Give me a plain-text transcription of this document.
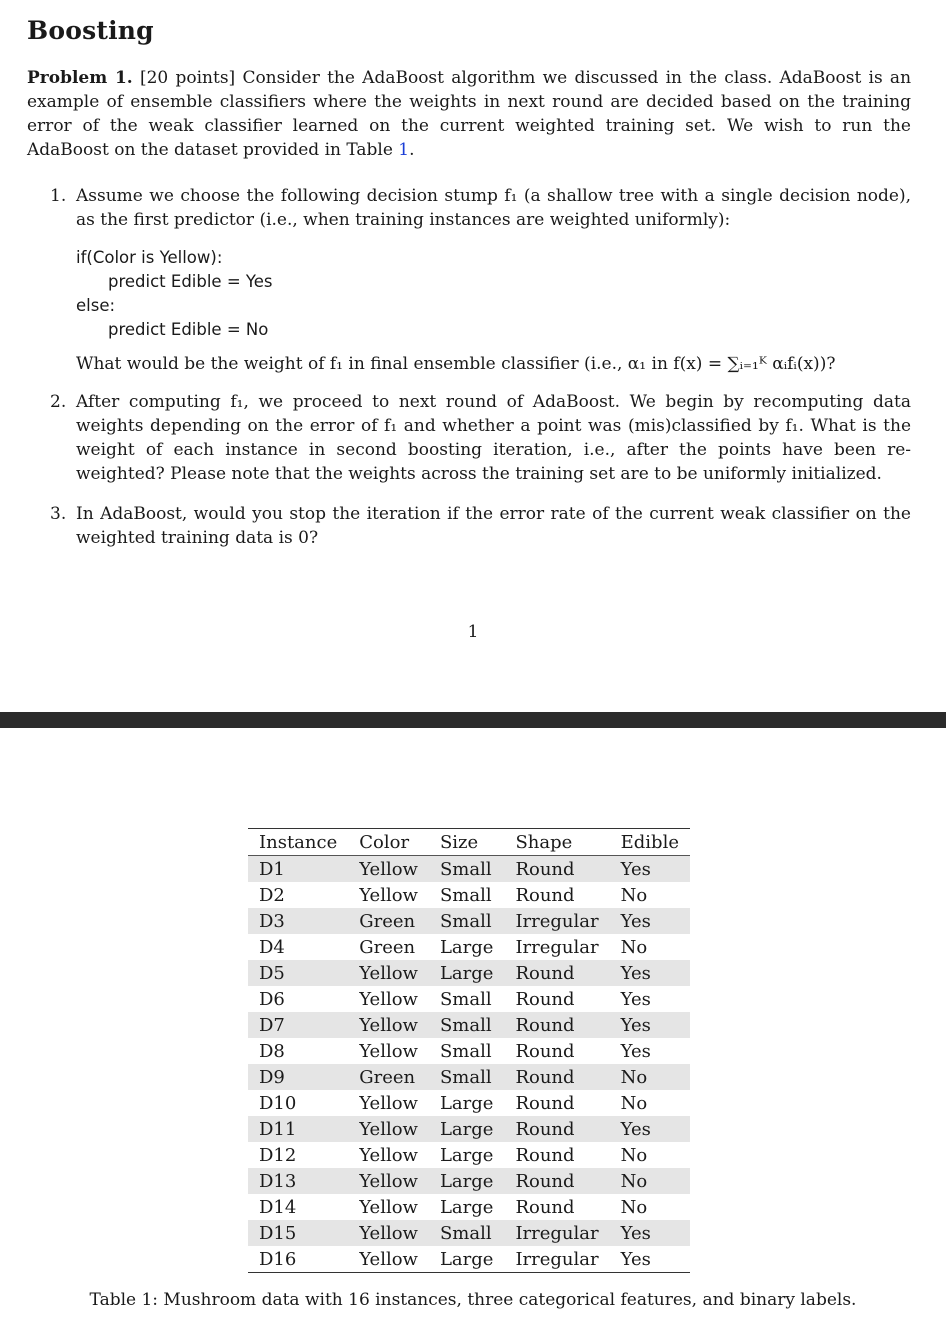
Boosting
Problem 1. [20 points] Consider the AdaBoost algorithm we discussed in the class. AdaBoost is an example of ensemble classifiers where the weights in next round are decided based on the training error of the weak classifier learned on the current weighted training set. We wish to run the AdaBoost on the dataset provided in Table 1.
1. Assume we choose the following decision stump f₁ (a shallow tree with a single decision node), as the first predictor (i.e., when training instances are weighted uniformly):
if(Color is Yellow):
predict Edible = Yes
else:
predict Edible = No
What would be the weight of f₁ in final ensemble classifier (i.e., α₁ in f(x) = ∑ᵢ₌₁ᴷ αᵢfᵢ(x))?
2. After computing f₁, we proceed to next round of AdaBoost. We begin by recomputing data weights depending on the error of f₁ and whether a point was (mis)classified by f₁. What is the weight of each instance in second boosting iteration, i.e., after the points have been re-weighted? Please note that the weights across the training set are to be uniformly initialized.
3. In AdaBoost, would you stop the iteration if the error rate of the current weak classifier on the weighted training data is 0?
1
Instance	Color	Size	Shape	Edible
D1	Yellow	Small	Round	Yes
D2	Yellow	Small	Round	No
D3	Green	Small	Irregular	Yes
D4	Green	Large	Irregular	No
D5	Yellow	Large	Round	Yes
D6	Yellow	Small	Round	Yes
D7	Yellow	Small	Round	Yes
D8	Yellow	Small	Round	Yes
D9	Green	Small	Round	No
D10	Yellow	Large	Round	No
D11	Yellow	Large	Round	Yes
D12	Yellow	Large	Round	No
D13	Yellow	Large	Round	No
D14	Yellow	Large	Round	No
D15	Yellow	Small	Irregular	Yes
D16	Yellow	Large	Irregular	Yes
Table 1: Mushroom data with 16 instances, three categorical features, and binary labels.
